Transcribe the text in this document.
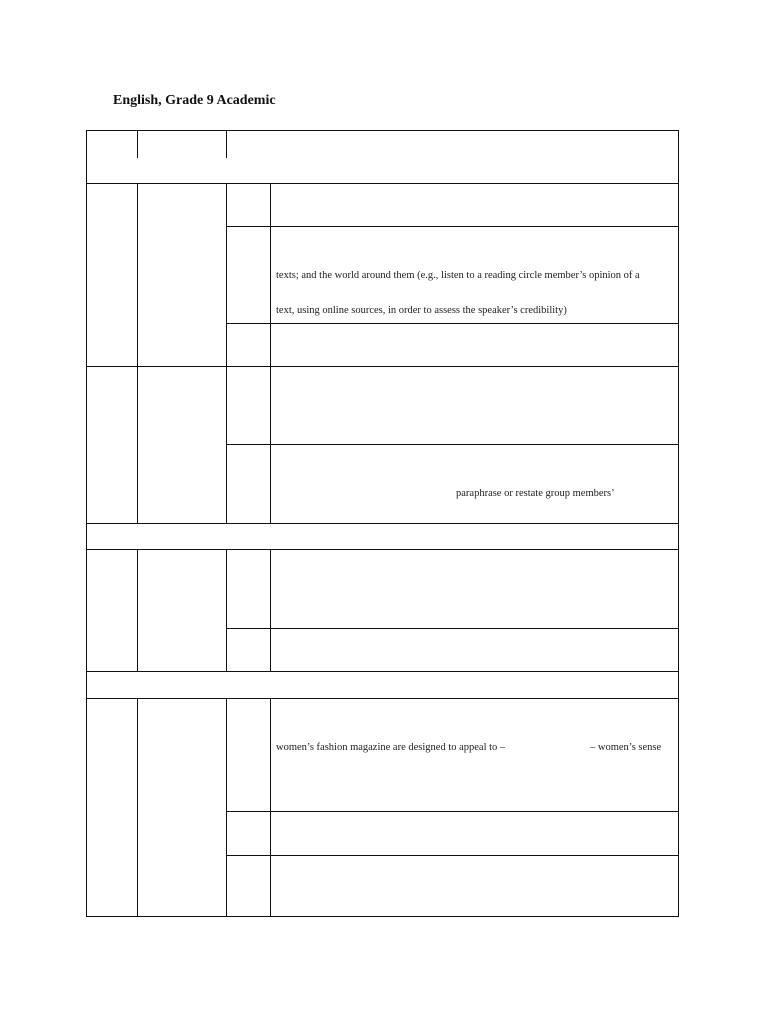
English, Grade 9 Academic
texts; and the world around them (e.g., listen to a reading circle member’s opinion of a
text, using online sources, in order to assess the speaker’s credibility)
paraphrase or restate group members’
women’s fashion magazine are designed to appeal to –	– women’s sense
